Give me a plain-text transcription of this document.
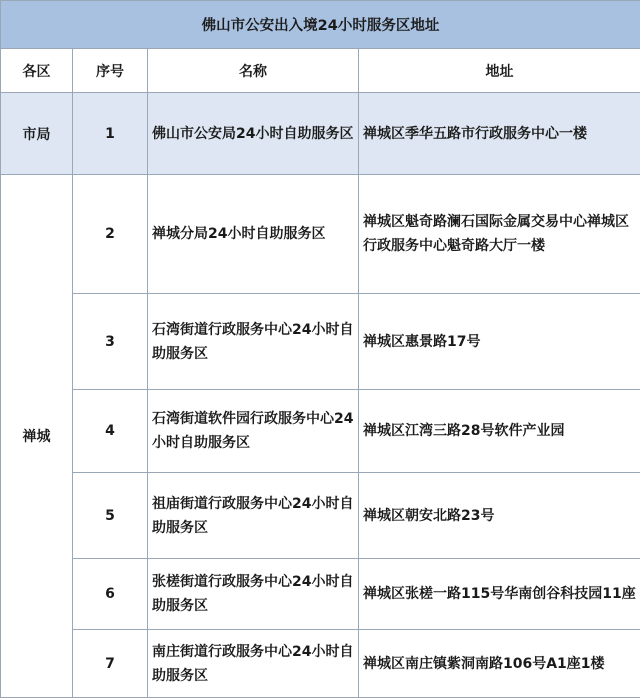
佛山市公安出入境24小时服务区地址			
各区	序号	名称	地址
市局	1	佛山市公安局24小时自助服务区	禅城区季华五路市行政服务中心一楼
禅城	2	禅城分局24小时自助服务区	禅城区魁奇路澜石国际金属交易中心禅城区行政服务中心魁奇路大厅一楼
	3	石湾街道行政服务中心24小时自助服务区	禅城区惠景路17号
	4	石湾街道软件园行政服务中心24小时自助服务区	禅城区江湾三路28号软件产业园
	5	祖庙街道行政服务中心24小时自助服务区	禅城区朝安北路23号
	6	张槎街道行政服务中心24小时自助服务区	禅城区张槎一路115号华南创谷科技园11座
	7	南庄街道行政服务中心24小时自助服务区	禅城区南庄镇紫洞南路106号A1座1楼
